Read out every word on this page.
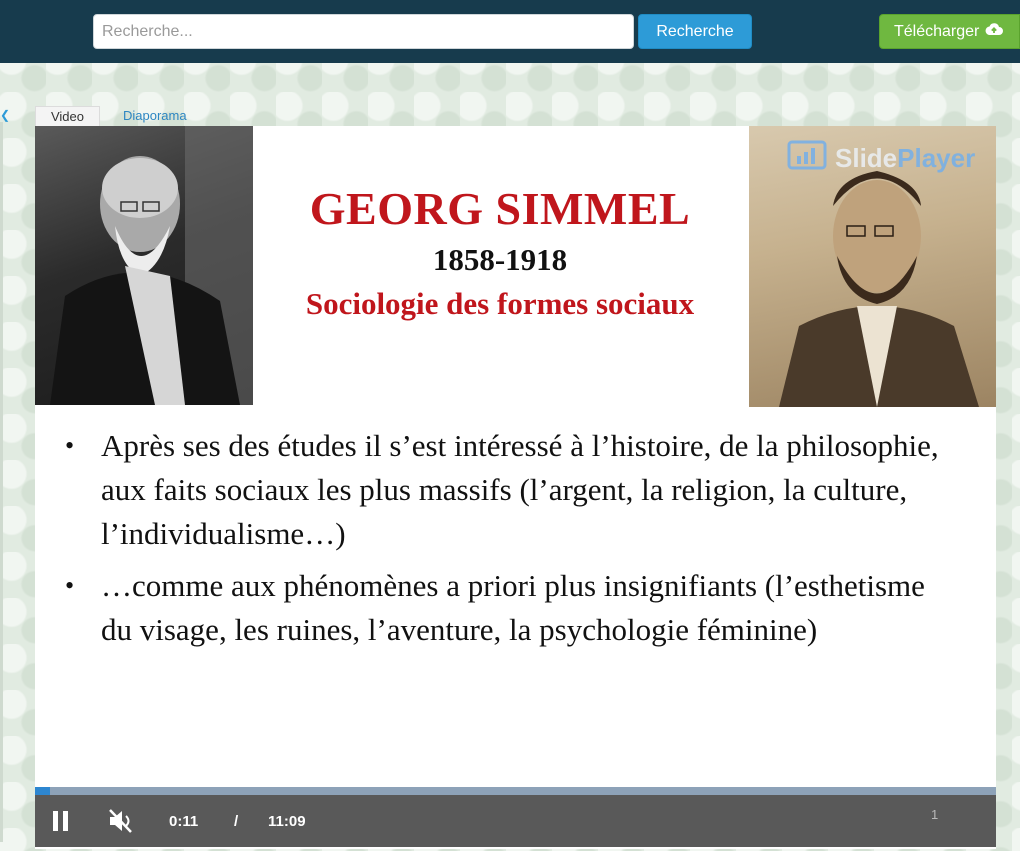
Recherche...
Recherche	Télécharger
❮	Video	Diaporama
Slide Player
GEORG SIMMEL
1858-1918
Sociologie des formes sociaux
• Après ses des études il s’est intéressé à l’histoire, de la philosophie, aux faits sociaux les plus massifs (l’argent, la religion, la culture, l’individualisme…)
• …comme aux phénomènes a priori plus insignifiants (l’esthetisme du visage, les ruines, l’aventure, la psychologie féminine)
0:11 / 11:09	1
